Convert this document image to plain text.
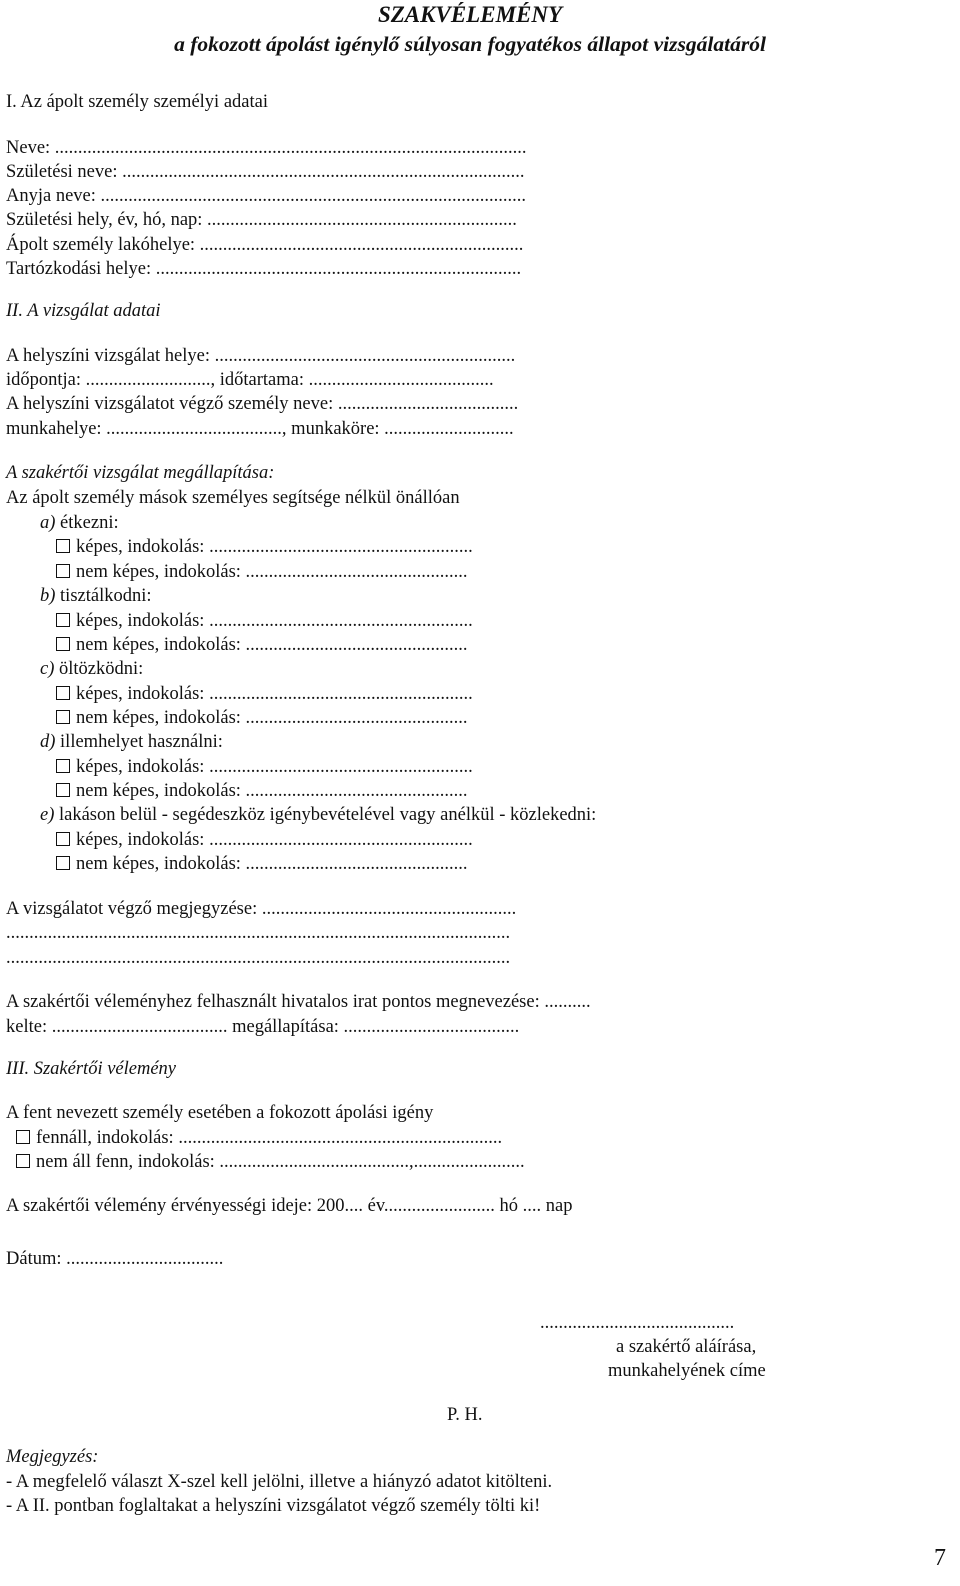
SZAKVÉLEMÉNY
a fokozott ápolást igénylő súlyosan fogyatékos állapot vizsgálatáról
I. Az ápolt személy személyi adatai
Neve: ......................................................................................................
Születési neve: .......................................................................................
Anyja neve: ............................................................................................
Születési hely, év, hó, nap: ...................................................................
Ápolt személy lakóhelye: ......................................................................
Tartózkodási helye: ...............................................................................
II. A vizsgálat adatai
A helyszíni vizsgálat helye: .................................................................
időpontja: ..........................., időtartama: ........................................
A helyszíni vizsgálatot végző személy neve: .......................................
munkahelye: ......................................, munkaköre: ............................
A szakértői vizsgálat megállapítása:
Az ápolt személy mások személyes segítsége nélkül önállóan
a) étkezni:
képes, indokolás: .........................................................
nem képes, indokolás: ................................................
b) tisztálkodni:
képes, indokolás: .........................................................
nem képes, indokolás: ................................................
c) öltözködni:
képes, indokolás: .........................................................
nem képes, indokolás: ................................................
d) illemhelyet használni:
képes, indokolás: .........................................................
nem képes, indokolás: ................................................
e) lakáson belül - segédeszköz igénybevételével vagy anélkül - közlekedni:
képes, indokolás: .........................................................
nem képes, indokolás: ................................................
A vizsgálatot végző megjegyzése: .......................................................
.............................................................................................................
.............................................................................................................
A szakértői véleményhez felhasznált hivatalos irat pontos megnevezése: ..........
kelte: ...................................... megállapítása: ......................................
III. Szakértői vélemény
A fent nevezett személy esetében a fokozott ápolási igény
fennáll, indokolás: ......................................................................
nem áll fenn, indokolás: .........................................,........................
A szakértői vélemény érvényességi ideje: 200.... év........................ hó .... nap
Dátum: ..................................
..........................................
a szakértő aláírása,
munkahelyének címe
P. H.
Megjegyzés:
- A megfelelő választ X-szel kell jelölni, illetve a hiányzó adatot kitölteni.
- A II. pontban foglaltakat a helyszíni vizsgálatot végző személy tölti ki!
7
